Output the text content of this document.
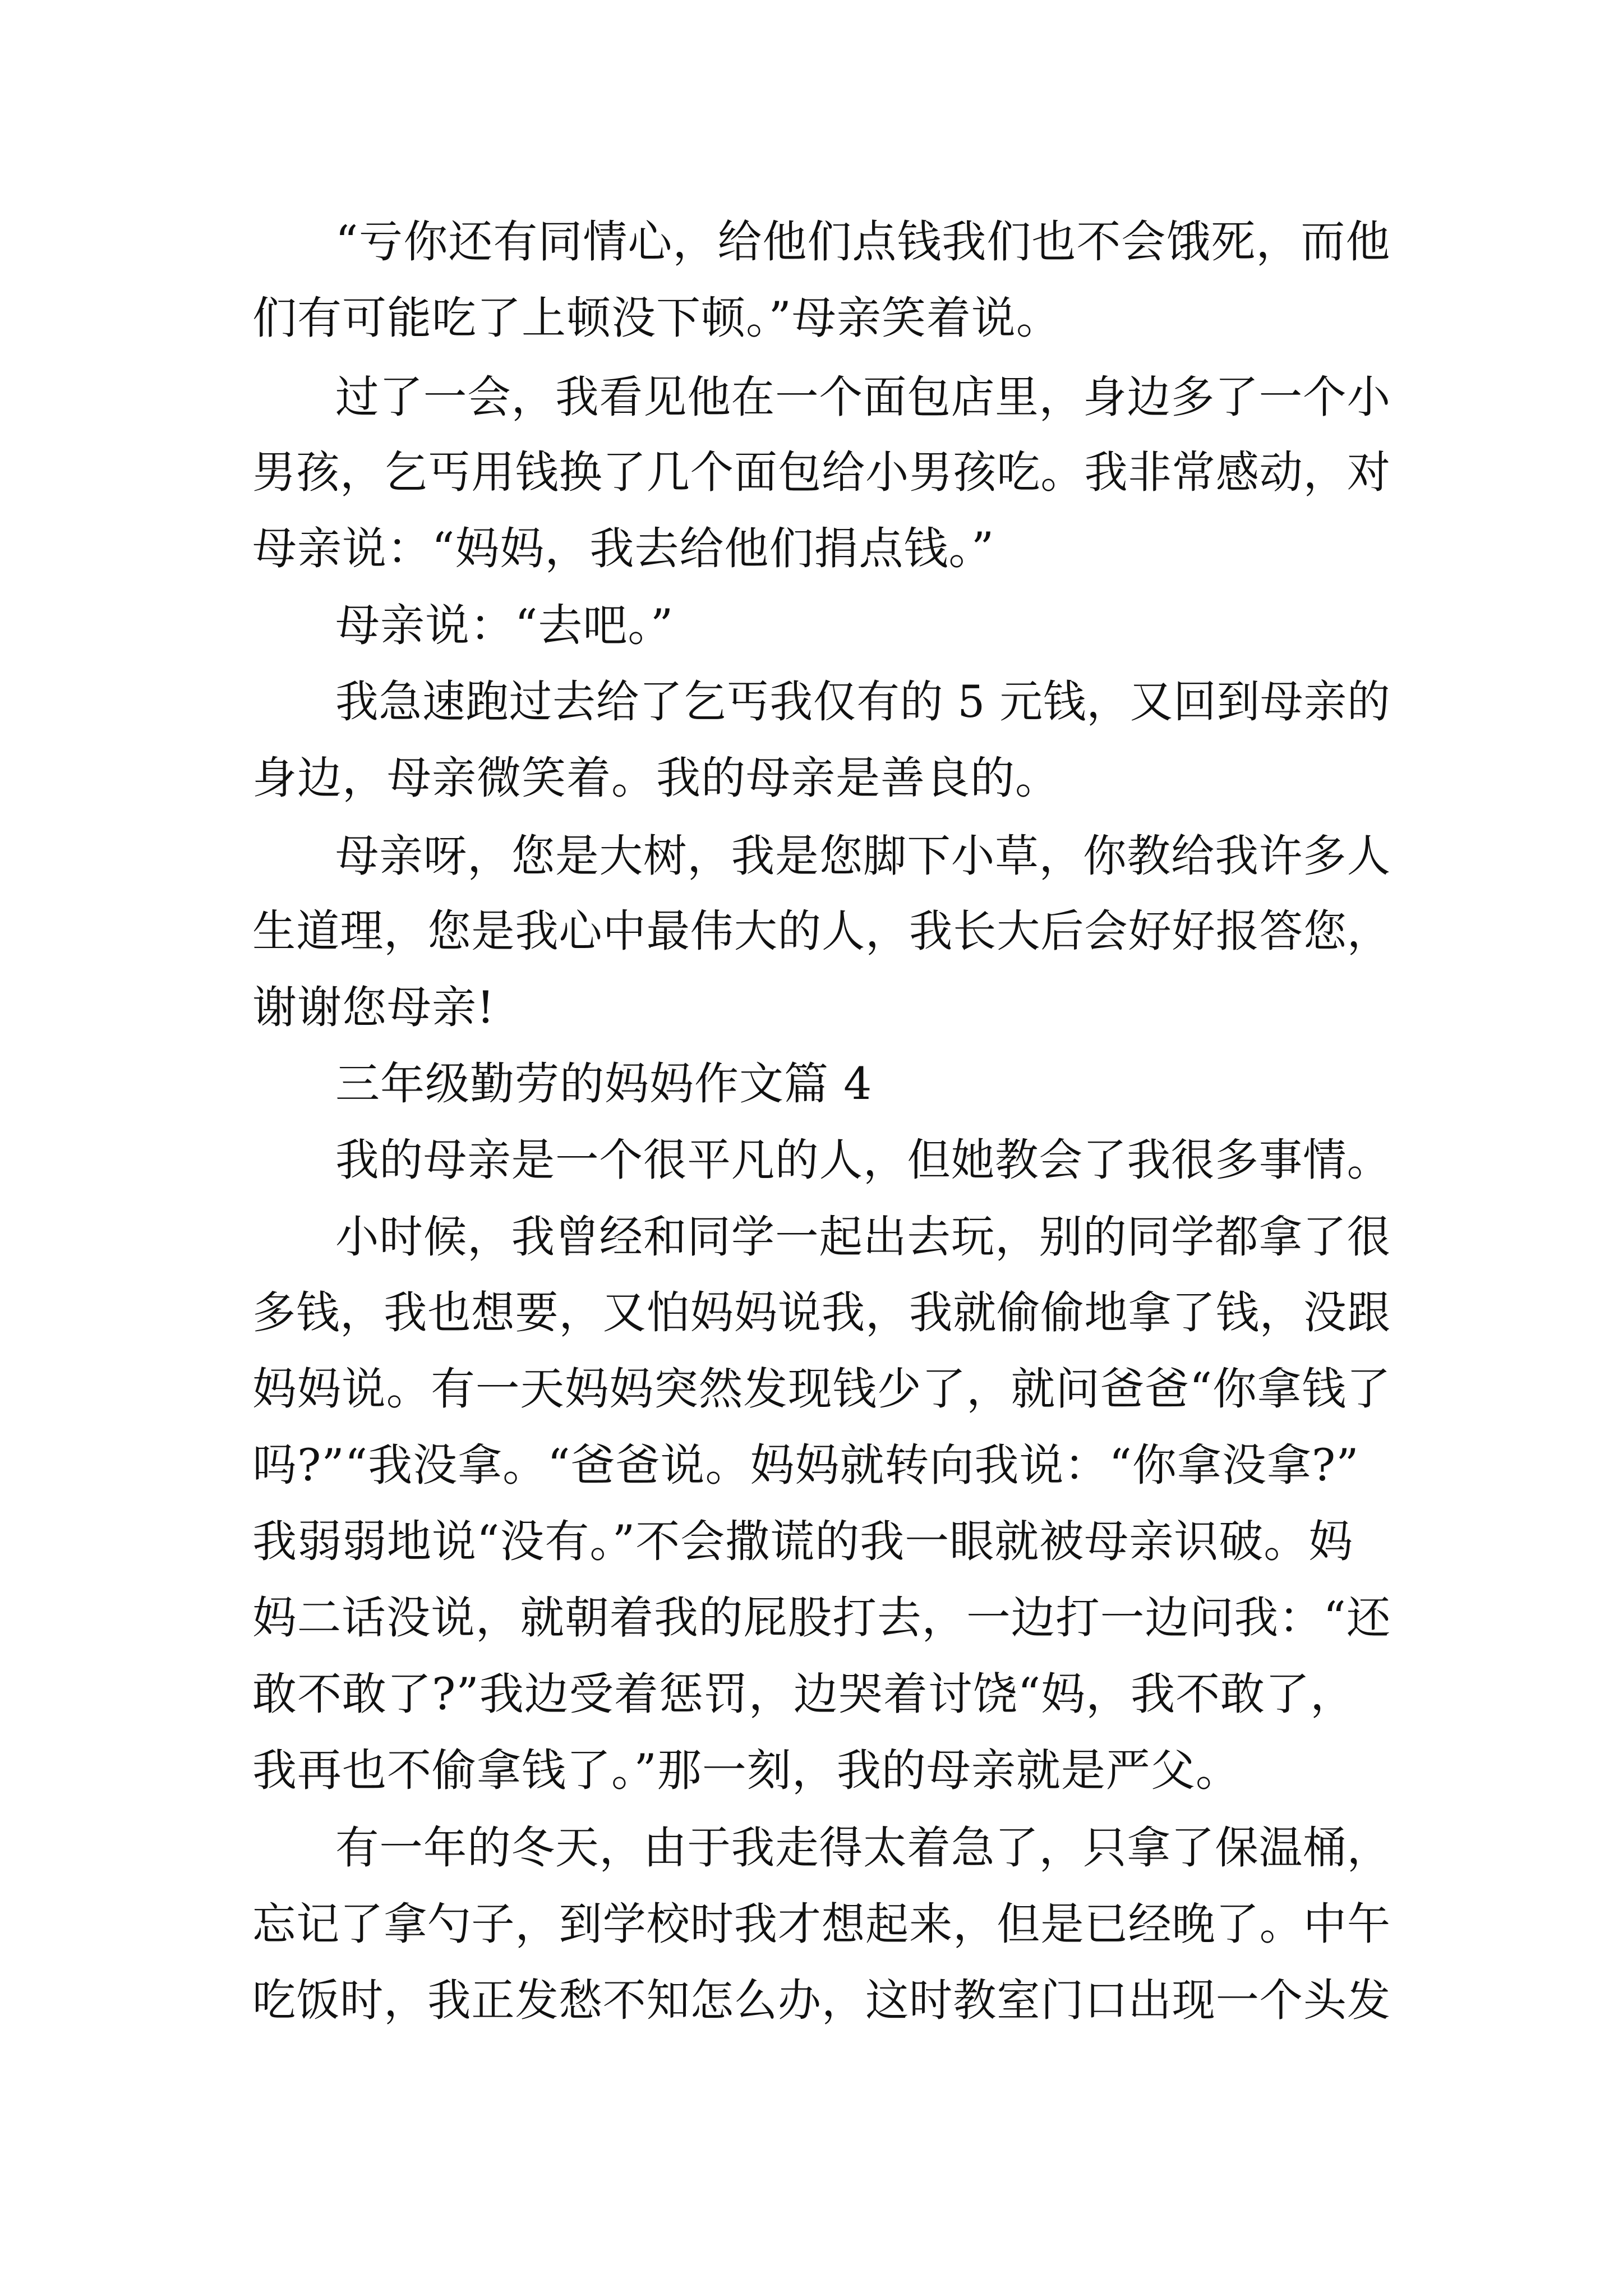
“亏你还有同情心，给他们点钱我们也不会饿死，而他
们有可能吃了上顿没下顿。”母亲笑着说。
过了一会，我看见他在一个面包店里，身边多了一个小
男孩，乞丐用钱换了几个面包给小男孩吃。我非常感动，对
母亲说：“妈妈，我去给他们捐点钱。”
母亲说：“去吧。”
我急速跑过去给了乞丐我仅有的 5 元钱，又回到母亲的
身边，母亲微笑着。我的母亲是善良的。
母亲呀，您是大树，我是您脚下小草，你教给我许多人
生道理，您是我心中最伟大的人，我长大后会好好报答您，
谢谢您母亲!
三年级勤劳的妈妈作文篇 4
我的母亲是一个很平凡的人，但她教会了我很多事情。
小时候，我曾经和同学一起出去玩，别的同学都拿了很
多钱，我也想要，又怕妈妈说我，我就偷偷地拿了钱，没跟
妈妈说。有一天妈妈突然发现钱少了，就问爸爸“你拿钱了
吗?”“我没拿。“爸爸说。妈妈就转向我说：“你拿没拿?”
我弱弱地说“没有。”不会撒谎的我一眼就被母亲识破。妈
妈二话没说，就朝着我的屁股打去，一边打一边问我：“还
敢不敢了?”我边受着惩罚，边哭着讨饶“妈，我不敢了，
我再也不偷拿钱了。”那一刻，我的母亲就是严父。
有一年的冬天，由于我走得太着急了，只拿了保温桶，
忘记了拿勺子，到学校时我才想起来，但是已经晚了。中午
吃饭时，我正发愁不知怎么办，这时教室门口出现一个头发
